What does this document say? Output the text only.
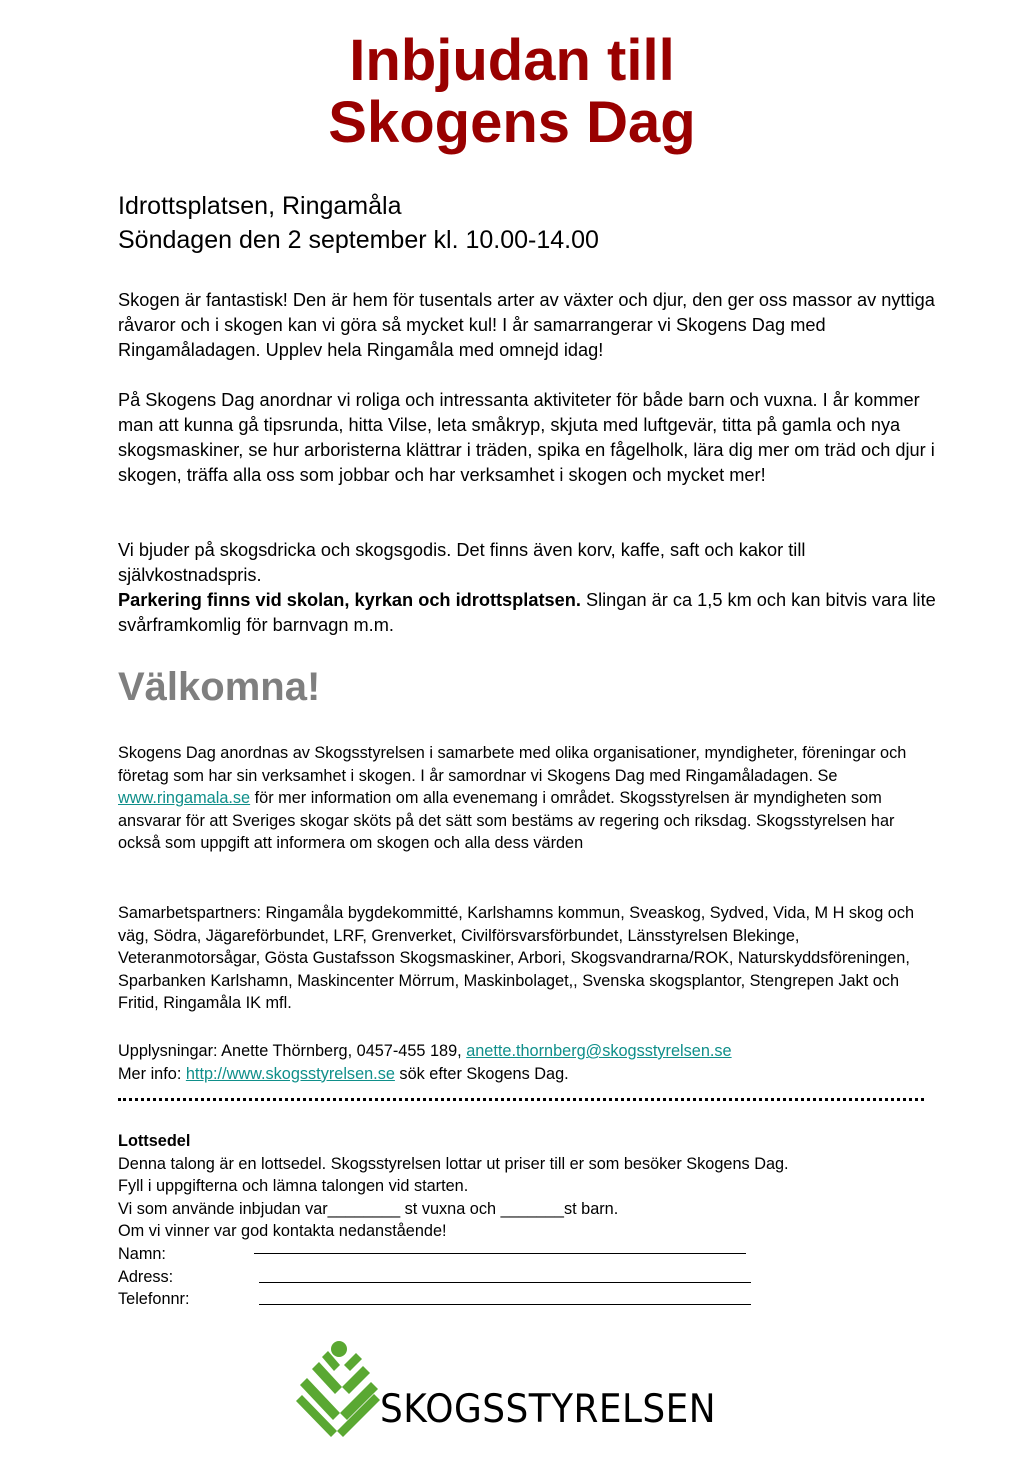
Inbjudan till
Skogens Dag
Idrottsplatsen, Ringamåla
Söndagen den 2 september kl. 10.00-14.00
Skogen är fantastisk! Den är hem för tusentals arter av växter och djur, den ger oss massor av nyttiga råvaror och i skogen kan vi göra så mycket kul! I år samarrangerar vi Skogens Dag med Ringamåladagen. Upplev hela Ringamåla med omnejd idag!
På Skogens Dag anordnar vi roliga och intressanta aktiviteter för både barn och vuxna. I år kommer man att kunna gå tipsrunda, hitta Vilse, leta småkryp, skjuta med luftgevär, titta på gamla och nya skogsmaskiner, se hur arboristerna klättrar i träden, spika en fågelholk, lära dig mer om träd och djur i skogen, träffa alla oss som jobbar och har verksamhet i skogen och mycket mer!
Vi bjuder på skogsdricka och skogsgodis. Det finns även korv, kaffe, saft och kakor till självkostnadspris.
Parkering finns vid skolan, kyrkan och idrottsplatsen. Slingan är ca 1,5 km och kan bitvis vara lite svårframkomlig för barnvagn m.m.
Välkomna!
Skogens Dag anordnas av Skogsstyrelsen i samarbete med olika organisationer, myndigheter, föreningar och företag som har sin verksamhet i skogen. I år samordnar vi Skogens Dag med Ringamåladagen. Se www.ringamala.se för mer information om alla evenemang i området. Skogsstyrelsen är myndigheten som ansvarar för att Sveriges skogar sköts på det sätt som bestäms av regering och riksdag. Skogsstyrelsen har också som uppgift att informera om skogen och alla dess värden
Samarbetspartners: Ringamåla bygdekommitté, Karlshamns kommun, Sveaskog, Sydved, Vida, M H skog och väg, Södra, Jägareförbundet, LRF, Grenverket, Civilförsvarsförbundet, Länsstyrelsen Blekinge, Veteranmotorsågar, Gösta Gustafsson Skogsmaskiner, Arbori, Skogsvandrarna/ROK, Naturskyddsföreningen, Sparbanken Karlshamn, Maskincenter Mörrum, Maskinbolaget,, Svenska skogsplantor, Stengrepen Jakt och Fritid, Ringamåla IK mfl.
Upplysningar: Anette Thörnberg, 0457-455 189, anette.thornberg@skogsstyrelsen.se
Mer info: http://www.skogsstyrelsen.se sök efter Skogens Dag.
Lottsedel
Denna talong är en lottsedel. Skogsstyrelsen lottar ut priser till er som besöker Skogens Dag.
Fyll i uppgifterna och lämna talongen vid starten.
Vi som använde inbjudan var________ st vuxna och _______st barn.
Om vi vinner var god kontakta nedanstående!
Namn:
Adress:
Telefonnr:
SKOGSSTYRELSEN
